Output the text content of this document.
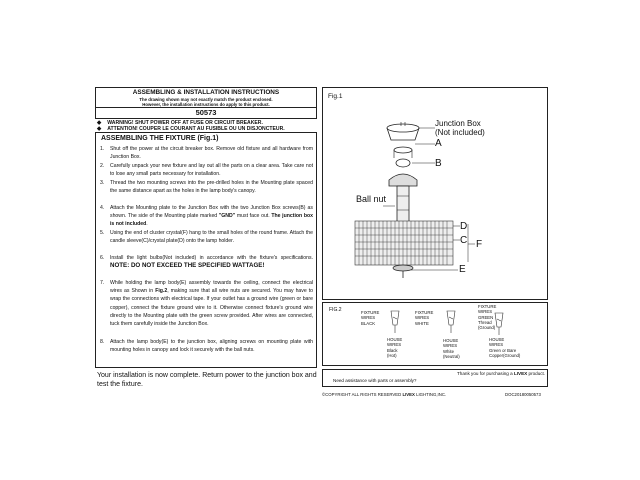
ASSEMBLING & INSTALLATION INSTRUCTIONS
The drawing shown may not exactly match the product enclosed.
However, the installation instructions do apply to this product.
50573
◆ WARNING! SHUT POWER OFF AT FUSE OR CIRCUIT BREAKER.
◆ ATTENTION! COUPER LE COURANT AU FUSIBLE OU UN DISJONCTEUR.
ASSEMBLING THE FIXTURE (Fig.1)
1. Shut off the power at the circuit breaker box. Remove old fixture and all hardware from Junction Box.
2. Carefully unpack your new fixture and lay out all the parts on a clear area. Take care not to lose any small parts necessary for installation.
3. Thread the two mounting screws into the pre-drilled holes in the Mounting plate spaced the same distance apart as the holes in the lamp body's canopy.
4. Attach the Mounting plate to the Junction Box with the two Junction Box screws(B) as shown. The side of the Mounting plate marked "GND" must face out. The junction box is not included.
5. Using the end of cluster crystal(F) hang to the small holes of the round frame. Attach the candle sleeve(C)/crystal plate(D) onto the lamp holder.
6. Install the light bulbs(Not included) in accordance with the fixture's specifications. NOTE: DO NOT EXCEED THE SPECIFIED WATTAGE!
7. While holding the lamp body(E) assembly towards the ceiling, connect the electrical wires as Shown in Fig.2, making sure that all wire nuts are secured. You may have to wrap the connections with electrical tape. If your outlet has a ground wire (green or bare copper), connect the fixture ground wire to it. Otherwise connect fixture's ground wire directly to the Mounting plate with the green screw provided. After wires are connected, tuck them carefully inside the Junction Box.
8. Attach the lamp body(E) to the junction box, aligning screws on mounting plate with mounting holes in canopy and lock it securely with the ball nuts.
Your installation is now complete. Return power to the junction box and test the fixture.
Fig.1
Junction Box
(Not included)
A
B
Ball nut
D
C F
E
FIG.2	FIXTURE
WIRES
BLACK
FIXTURE
WIRES
WHITE
FIXTURE
WIRES
GREEN
Thread
(Ground)
HOUSE
WIRES
Black
(Hot)
HOUSE
WIRES
White
(Neutral)
HOUSE
WIRES
Green or Bare
Copper(Ground)
Thank you for purchasing a LIVEX product.
Need assistance with parts or assembly?
©COPYRIGHT ALL RIGHTS RESERVED LIVEX LIGHTING,INC.	DOC20180050573
